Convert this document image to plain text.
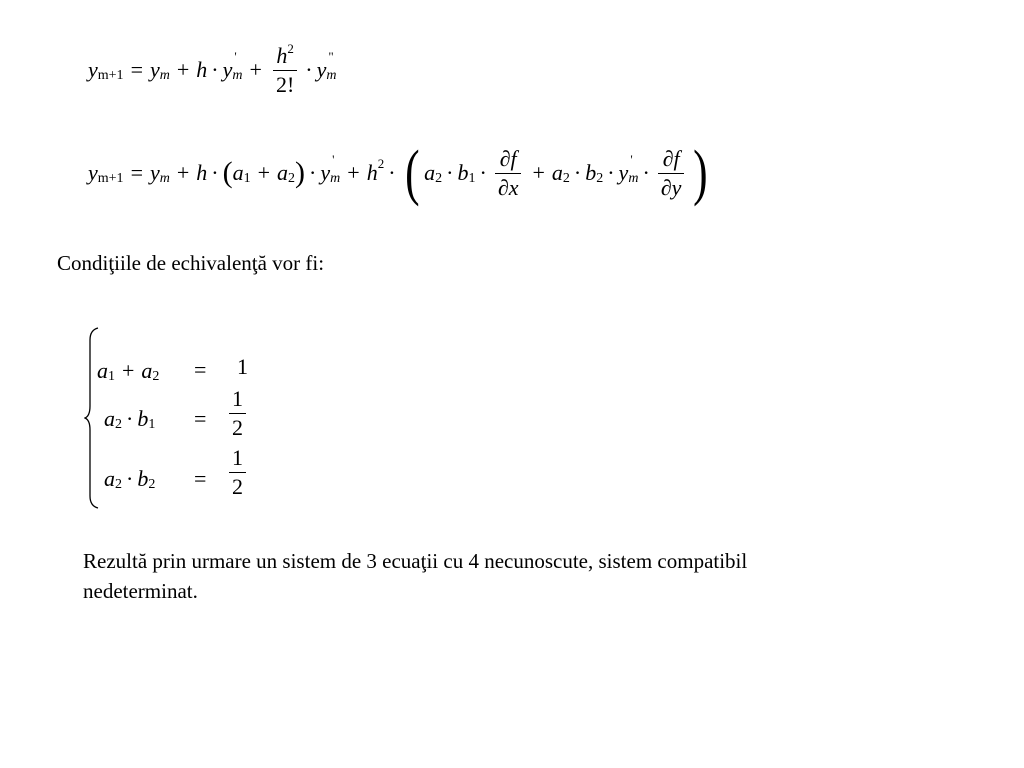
y m+1 = y m + h · y
'
$m + \frac{h^2}{2!} \cdot y$
"
m
y m+1 = y m + h · ( a 1 + a 2 ) · y
'
m + h 2 · ( a 2 · b $1 \cdot \frac{\partial f}{\partial x} + a$ 2 · b 2 · y
'
$m \cdot \frac{\partial f}{\partial y}$ )
Condiţiile de echivalenţă vor fi:
a 1 + a 2 = 1
a 2 · b $1 = \frac{1}{2}$
a 2 · b $2 = \frac{1}{2}$
Rezultă prin urmare un sistem de 3 ecuaţii cu 4 necunoscute, sistem compatibil
nedeterminat.
